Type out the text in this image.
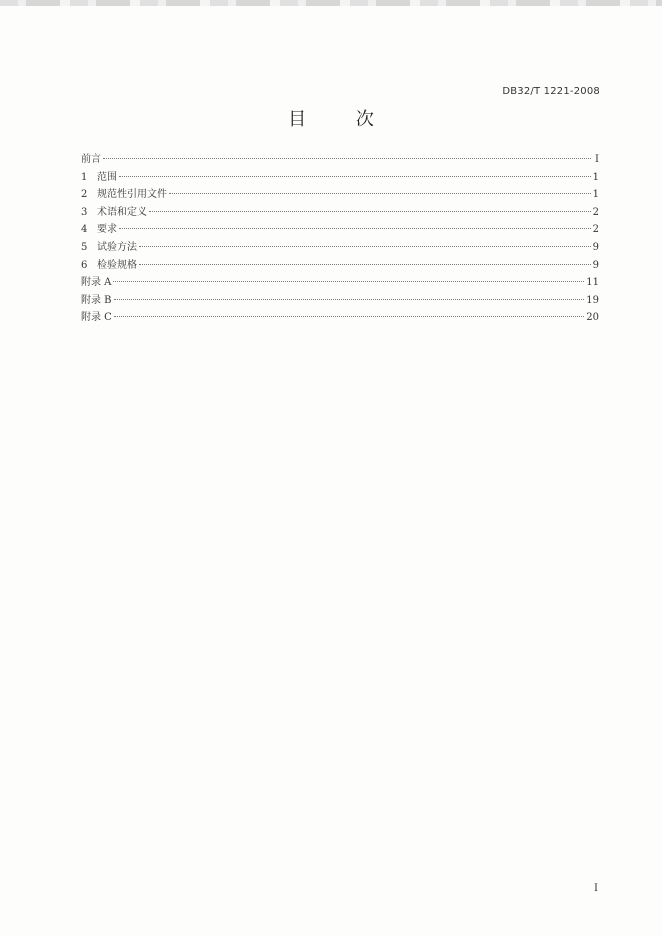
DB32/T 1221-2008
目 次
前言	I
1 范围	1
2 规范性引用文件	1
3 术语和定义	2
4 要求	2
5 试验方法	9
6 检验规格	9
附录 A	11
附录 B	19
附录 C	20
I
